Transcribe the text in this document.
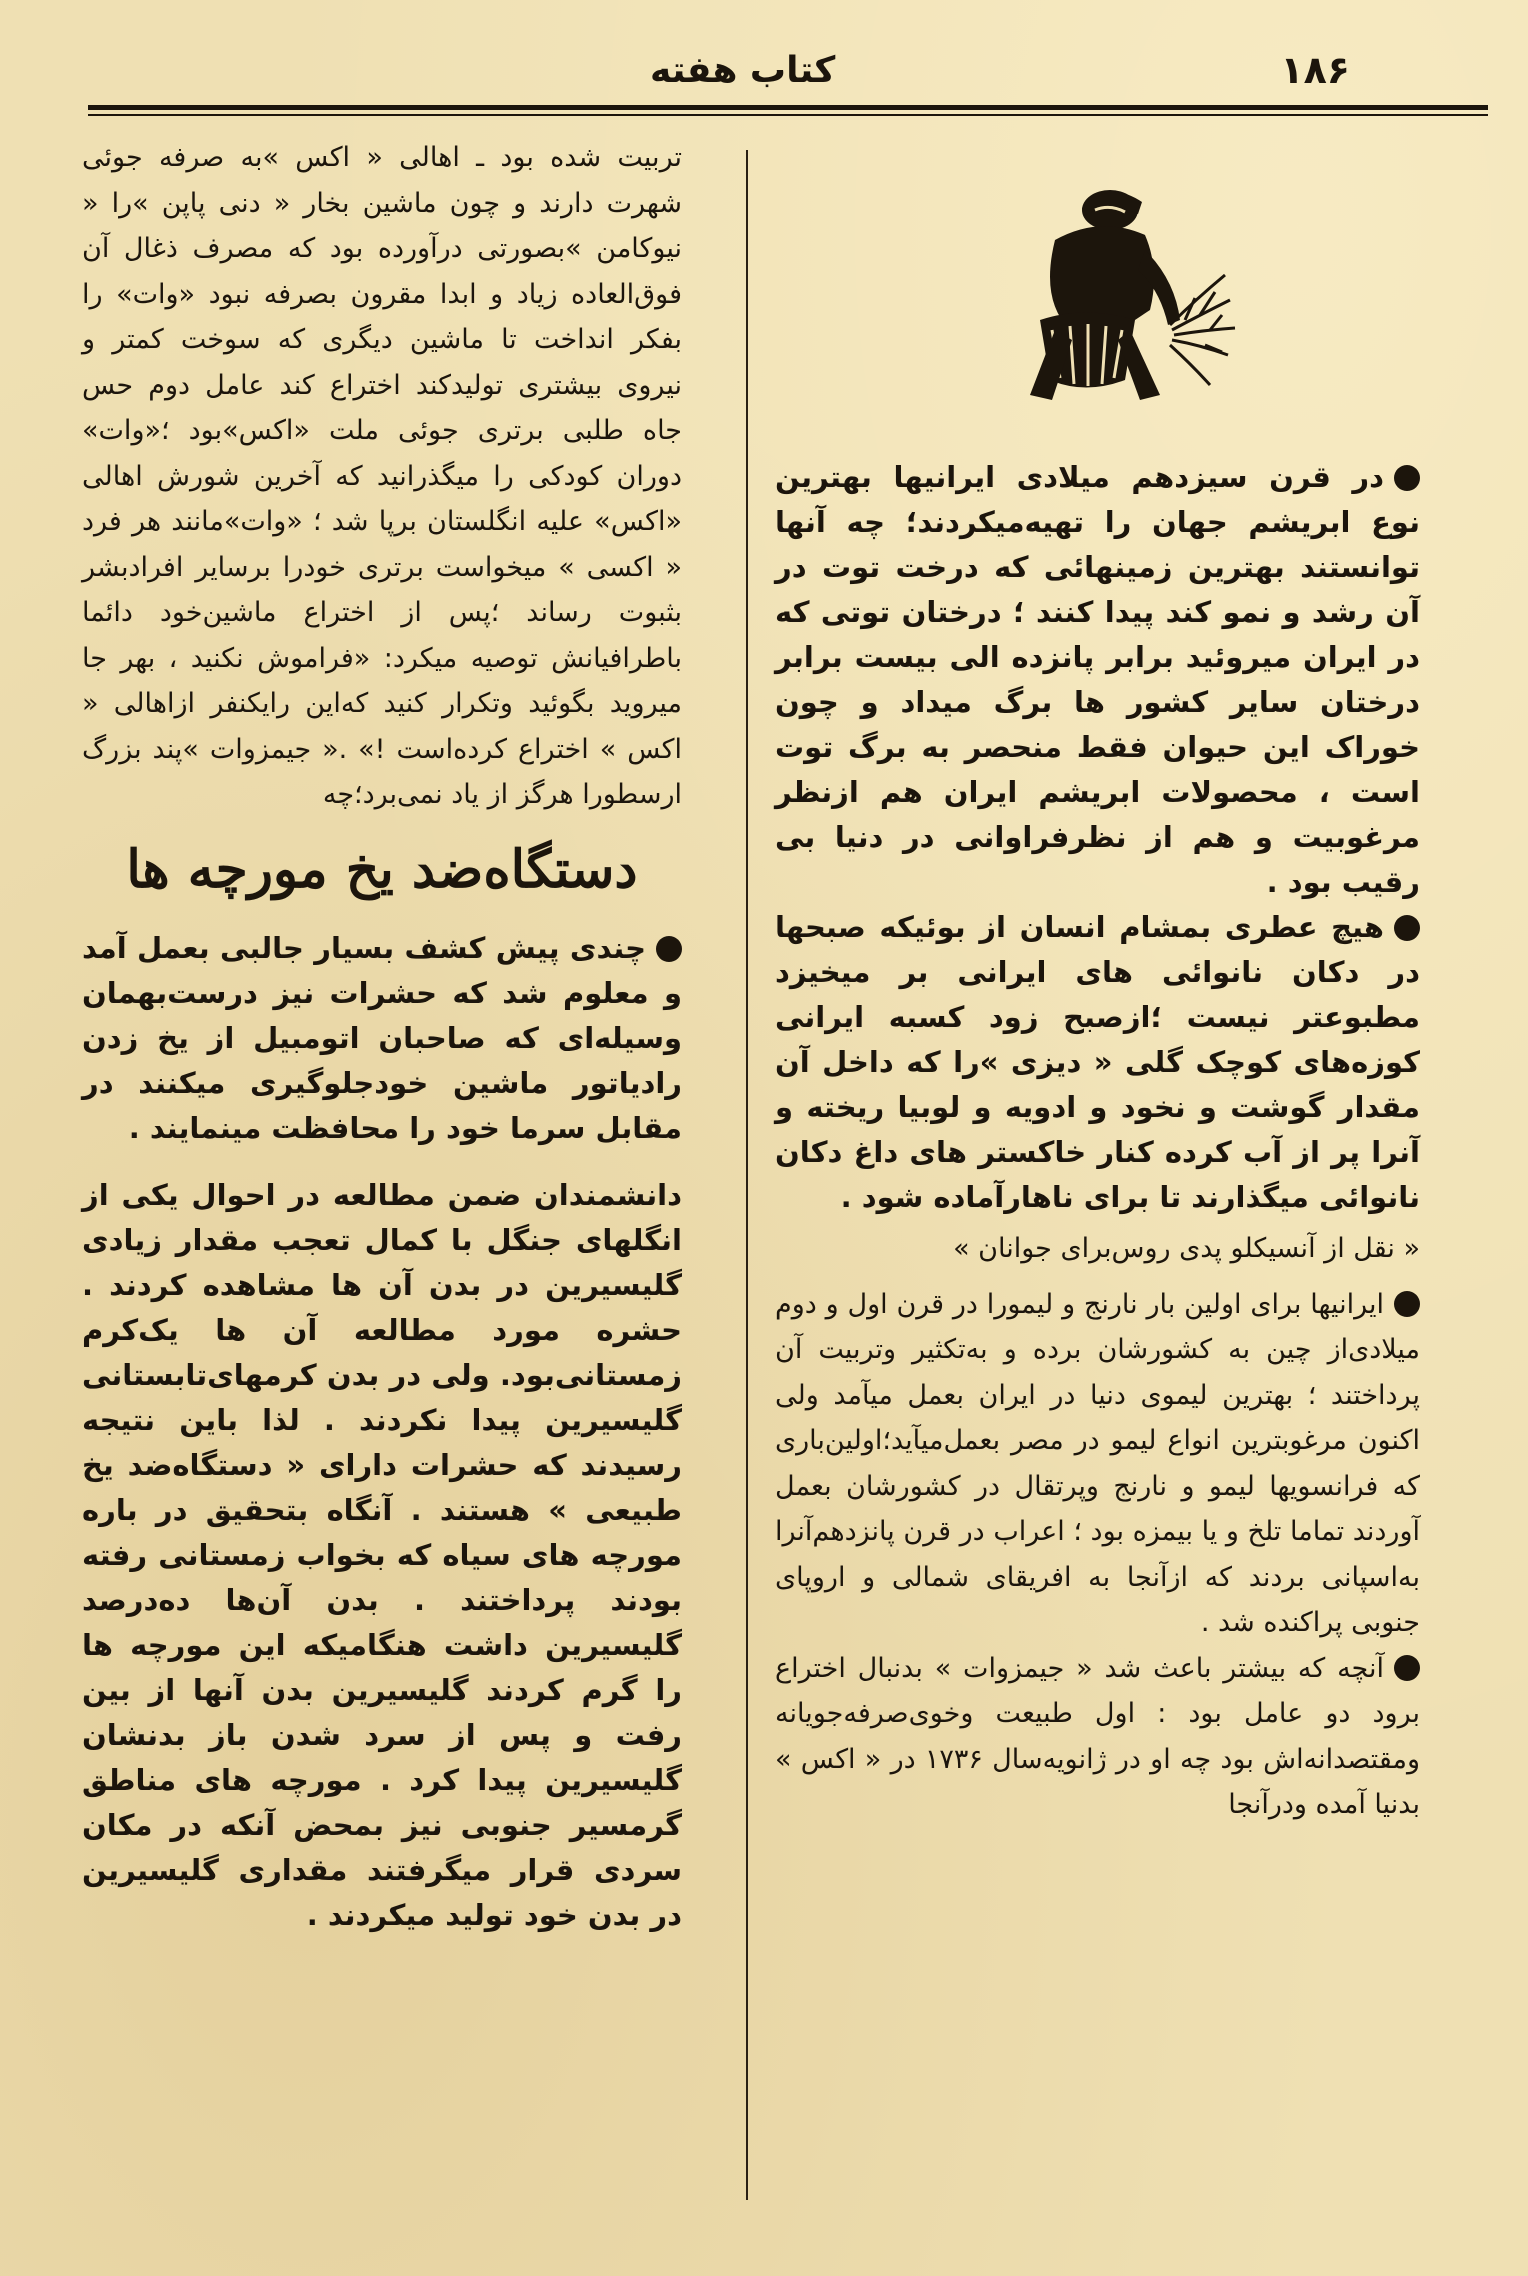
۱۸۶
کتاب هفته

تربیت شده بود ـ اهالی « اکس »به صرفه جوئی شهرت دارند و چون ماشین بخار « دنی پاپن »را « نیوکامن »بصورتی درآورده بود که مصرف ذغال آن فوق‌العاده زیاد و ابدا مقرون بصرفه نبود «وات» را بفکر انداخت تا ماشین دیگری که سوخت کمتر و نیروی بیشتری تولیدکند اختراع کند عامل دوم حس جاه طلبی برتری جوئی ملت «اکس»بود ؛«وات» دوران کودکی را میگذرانید که آخرین شورش اهالی «اکس» علیه انگلستان برپا شد ؛ «وات»مانند هر فرد « اکسی » میخواست برتری خودرا برسایر افرادبشر بثبوت رساند ؛پس از اختراع ماشین‌خود دائما باطرافیانش توصیه میکرد: «فراموش نکنید ، بهر جا میروید بگوئید وتکرار کنید که‌این رایکنفر ازاهالی « اکس » اختراع کرده‌است !» .« جیمزوات »پند بزرگ ارسطورا هرگز از یاد نمی‌برد؛چه

دستگاه‌ضد یخ مورچه ها

چندی پیش کشف بسیار جالبی بعمل آمد و معلوم شد که حشرات نیز درست‌بهمان وسیله‌ای که صاحبان اتومبیل از یخ زدن رادیاتور ماشین خودجلوگیری میکنند در مقابل سرما خود را محافظت مینمایند .

دانشمندان ضمن مطالعه در احوال یکی از انگلهای جنگل با کمال تعجب مقدار زیادی گلیسیرین در بدن آن ها مشاهده کردند . حشره مورد مطالعه آن ها یک‌کرم زمستانی‌بود. ولی در بدن کرمهای‌تابستانی گلیسیرین پیدا نکردند . لذا باین نتیجه رسیدند که حشرات دارای « دستگاه‌ضد یخ طبیعی » هستند . آنگاه بتحقیق در باره مورچه های سیاه که بخواب زمستانی رفته بودند پرداختند . بدن آن‌ها ده‌درصد گلیسیرین داشت هنگامیکه این مورچه ها را گرم کردند گلیسیرین بدن آنها از بین رفت و پس از سرد شدن باز بدنشان گلیسیرین پیدا کرد . مورچه های مناطق گرمسیر جنوبی نیز بمحض آنکه در مکان سردی قرار میگرفتند مقداری گلیسیرین در بدن خود تولید میکردند .

در قرن سیزدهم میلادی ایرانیها بهترین نوع ابریشم جهان را تهیه‌میکردند؛ چه آنها توانستند بهترین زمینهائی که درخت توت در آن رشد و نمو کند پیدا کنند ؛ درختان توتی که در ایران میروئید برابر پانزده الی بیست برابر درختان سایر کشور ها برگ میداد و چون خوراک این حیوان فقط منحصر به برگ توت است ، محصولات ابریشم ایران هم ازنظر مرغوبیت و هم از نظرفراوانی در دنیا بی رقیب بود .

هیچ عطری بمشام انسان از بوئیکه صبحها در دکان نانوائی های ایرانی بر میخیزد مطبوعتر نیست ؛ازصبح زود کسبه ایرانی کوزه‌های کوچک گلی « دیزی »را که داخل آن مقدار گوشت و نخود و ادویه و لوبیا ریخته و آنرا پر از آب کرده کنار خاکستر های داغ دکان نانوائی میگذارند تا برای ناهارآماده شود .

« نقل از آنسیکلو پدی روس‌برای جوانان »

ایرانیها برای اولین بار نارنج و لیمورا در قرن اول و دوم میلادی‌از چین به کشورشان برده و به‌تکثیر وتربیت آن پرداختند ؛ بهترین لیموی دنیا در ایران بعمل میآمد ولی اکنون مرغوبترین انواع لیمو در مصر بعمل‌میآید؛اولین‌باری که فرانسویها لیمو و نارنج وپرتقال در کشورشان بعمل آوردند تماما تلخ و یا بیمزه بود ؛ اعراب در قرن پانزدهم‌آنرا به‌اسپانی بردند که ازآنجا به افریقای شمالی و اروپای جنوبی پراکنده شد .

آنچه که بیشتر باعث شد « جیمزوات » بدنبال اختراع برود دو عامل بود : اول طبیعت وخوی‌صرفه‌جویانه ومقتصدانه‌اش بود چه او در ژانویه‌سال ۱۷۳۶ در « اکس » بدنیا آمده ودرآنجا
